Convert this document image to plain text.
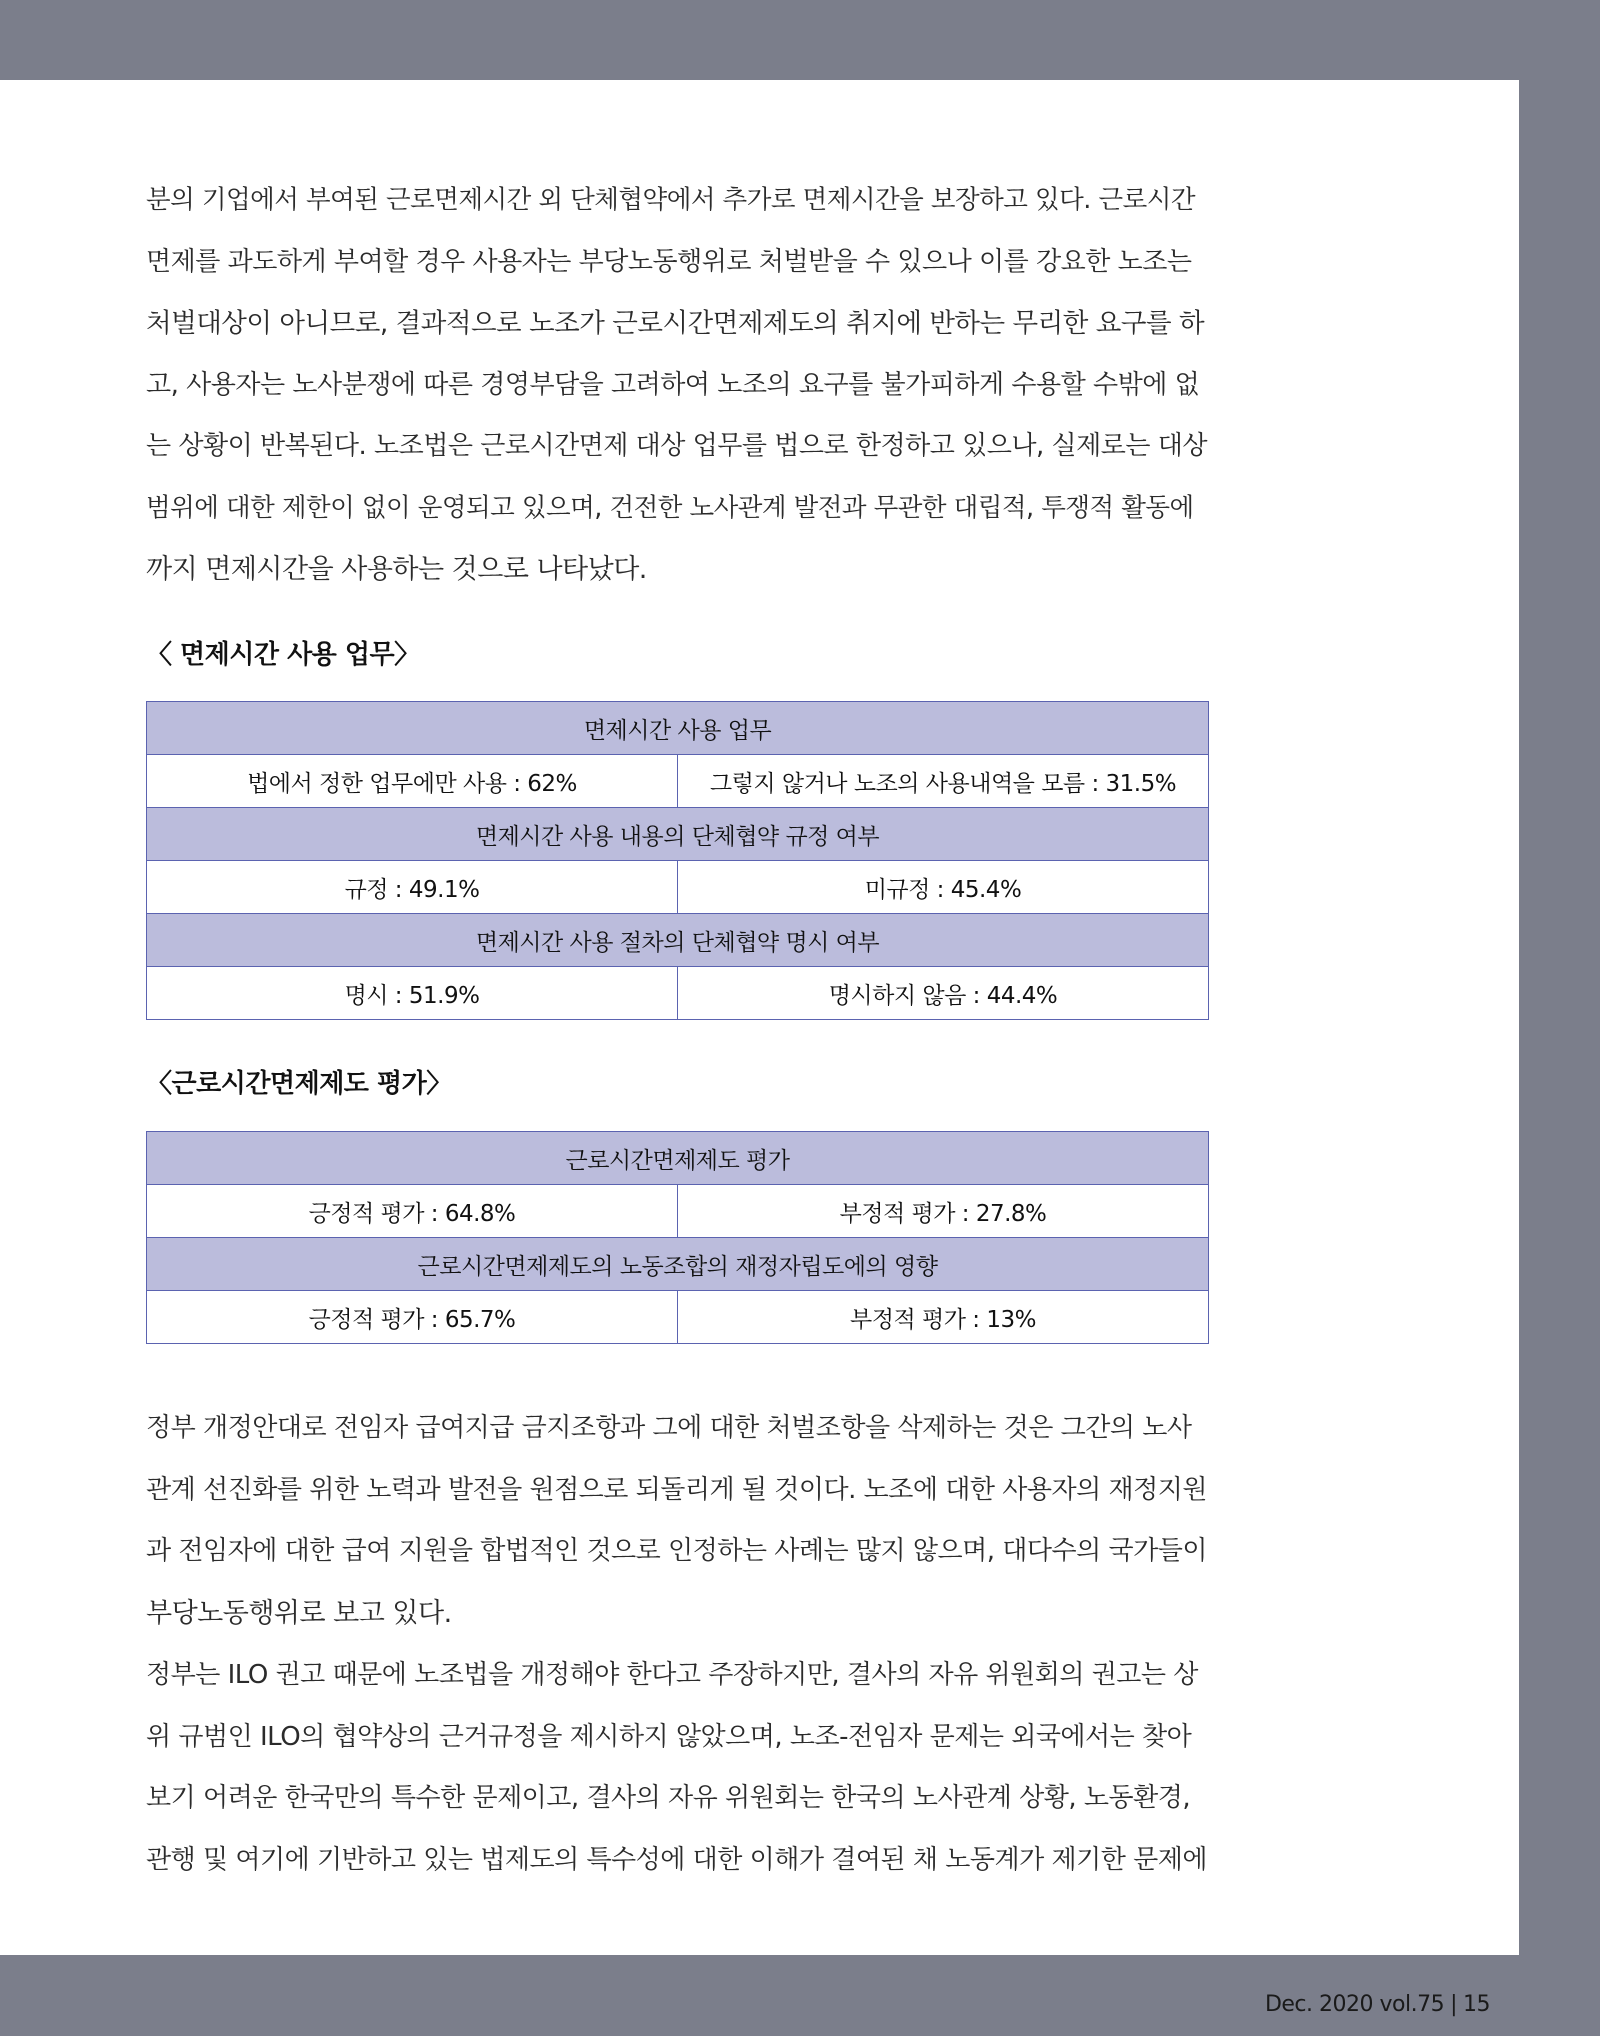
분의 기업에서 부여된 근로면제시간 외 단체협약에서 추가로 면제시간을 보장하고 있다. 근로시간
면제를 과도하게 부여할 경우 사용자는 부당노동행위로 처벌받을 수 있으나 이를 강요한 노조는
처벌대상이 아니므로, 결과적으로 노조가 근로시간면제제도의 취지에 반하는 무리한 요구를 하
고, 사용자는 노사분쟁에 따른 경영부담을 고려하여 노조의 요구를 불가피하게 수용할 수밖에 없
는 상황이 반복된다. 노조법은 근로시간면제 대상 업무를 법으로 한정하고 있으나, 실제로는 대상
범위에 대한 제한이 없이 운영되고 있으며, 건전한 노사관계 발전과 무관한 대립적, 투쟁적 활동에
까지 면제시간을 사용하는 것으로 나타났다.

〈 면제시간 사용 업무〉

면제시간 사용 업무	
법에서 정한 업무에만 사용 : 62%	그렇지 않거나 노조의 사용내역을 모름 : 31.5%
면제시간 사용 내용의 단체협약 규정 여부	
규정 : 49.1%	미규정 : 45.4%
면제시간 사용 절차의 단체협약 명시 여부	
명시 : 51.9%	명시하지 않음 : 44.4%

〈근로시간면제제도 평가〉

근로시간면제제도 평가	
긍정적 평가 : 64.8%	부정적 평가 : 27.8%
근로시간면제제도의 노동조합의 재정자립도에의 영향	
긍정적 평가 : 65.7%	부정적 평가 : 13%

정부 개정안대로 전임자 급여지급 금지조항과 그에 대한 처벌조항을 삭제하는 것은 그간의 노사
관계 선진화를 위한 노력과 발전을 원점으로 되돌리게 될 것이다. 노조에 대한 사용자의 재정지원
과 전임자에 대한 급여 지원을 합법적인 것으로 인정하는 사례는 많지 않으며, 대다수의 국가들이
부당노동행위로 보고 있다.

정부는 ILO 권고 때문에 노조법을 개정해야 한다고 주장하지만, 결사의 자유 위원회의 권고는 상
위 규범인 ILO의 협약상의 근거규정을 제시하지 않았으며, 노조-전임자 문제는 외국에서는 찾아
보기 어려운 한국만의 특수한 문제이고, 결사의 자유 위원회는 한국의 노사관계 상황, 노동환경,
관행 및 여기에 기반하고 있는 법제도의 특수성에 대한 이해가 결여된 채 노동계가 제기한 문제에

Dec. 2020 vol.75 | 15
